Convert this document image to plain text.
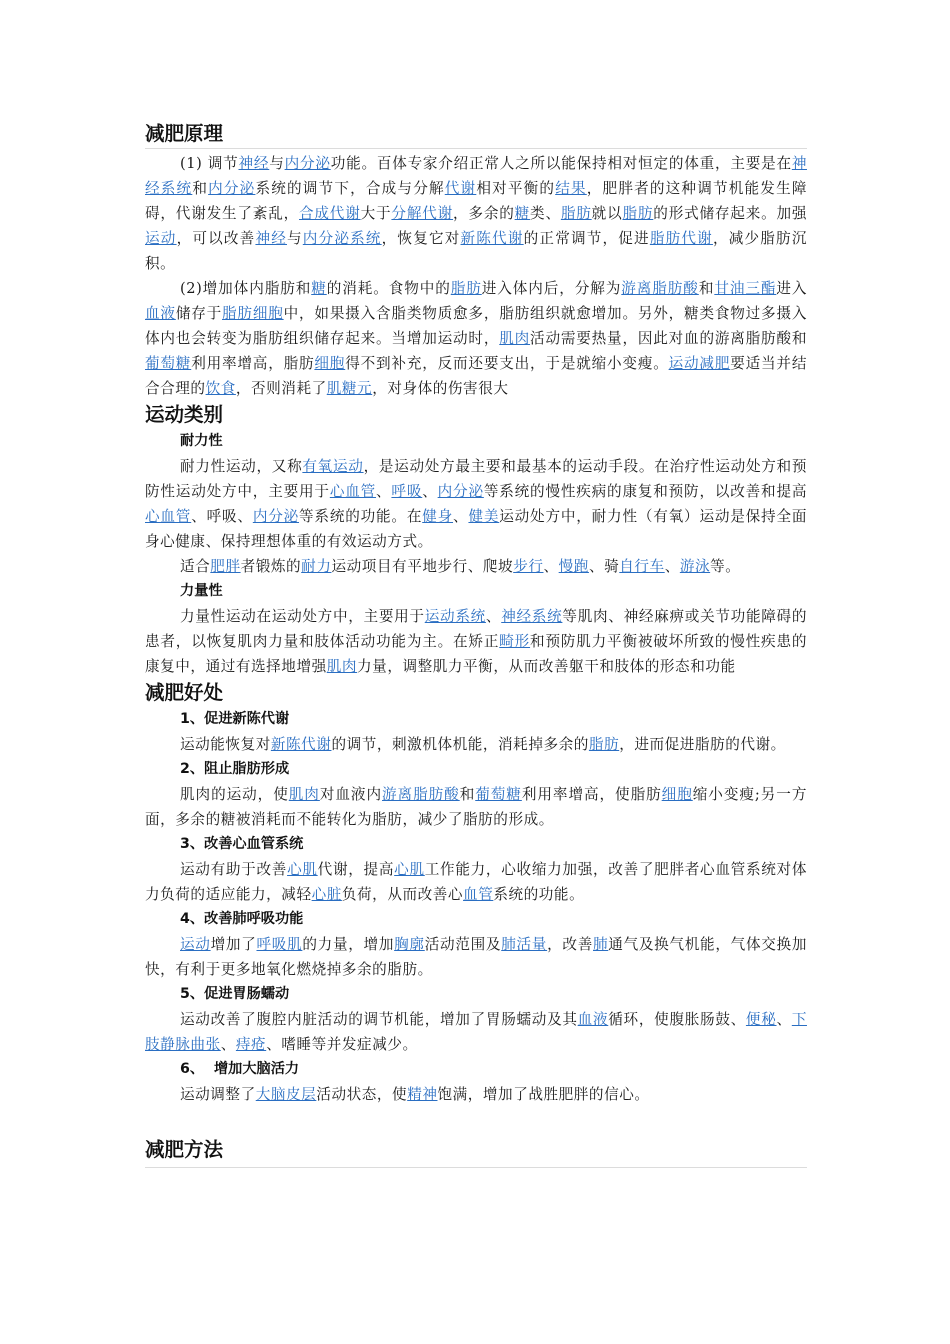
减肥原理

(1) 调节神经与内分泌功能。百体专家介绍正常人之所以能保持相对恒定的体重，主要是在神经系统和内分泌系统的调节下，合成与分解代谢相对平衡的结果，肥胖者的这种调节机能发生障碍，代谢发生了紊乱，合成代谢大于分解代谢，多余的糖类、脂肪就以脂肪的形式储存起来。加强运动，可以改善神经与内分泌系统，恢复它对新陈代谢的正常调节，促进脂肪代谢，减少脂肪沉积。

(2)增加体内脂肪和糖的消耗。食物中的脂肪进入体内后，分解为游离脂肪酸和甘油三酯进入血液储存于脂肪细胞中，如果摄入含脂类物质愈多，脂肪组织就愈增加。另外，糖类食物过多摄入体内也会转变为脂肪组织储存起来。当增加运动时，肌肉活动需要热量，因此对血的游离脂肪酸和葡萄糖利用率增高，脂肪细胞得不到补充，反而还要支出，于是就缩小变瘦。运动减肥要适当并结合合理的饮食，否则消耗了肌糖元，对身体的伤害很大

运动类别
耐力性

耐力性运动，又称有氧运动，是运动处方最主要和最基本的运动手段。在治疗性运动处方和预防性运动处方中，主要用于心血管、呼吸、内分泌等系统的慢性疾病的康复和预防，以改善和提高心血管、呼吸、内分泌等系统的功能。在健身、健美运动处方中，耐力性（有氧）运动是保持全面身心健康、保持理想体重的有效运动方式。

适合肥胖者锻炼的耐力运动项目有平地步行、爬坡步行、慢跑、骑自行车、游泳等。

力量性

力量性运动在运动处方中，主要用于运动系统、神经系统等肌肉、神经麻痹或关节功能障碍的患者，以恢复肌肉力量和肢体活动功能为主。在矫正畸形和预防肌力平衡被破坏所致的慢性疾患的康复中，通过有选择地增强肌肉力量，调整肌力平衡，从而改善躯干和肢体的形态和功能

减肥好处
1、促进新陈代谢

运动能恢复对新陈代谢的调节，刺激机体机能，消耗掉多余的脂肪，进而促进脂肪的代谢。

2、阻止脂肪形成

肌肉的运动，使肌肉对血液内游离脂肪酸和葡萄糖利用率增高，使脂肪细胞缩小变瘦;另一方面，多余的糖被消耗而不能转化为脂肪，减少了脂肪的形成。

3、改善心血管系统

运动有助于改善心肌代谢，提高心肌工作能力，心收缩力加强，改善了肥胖者心血管系统对体力负荷的适应能力，减轻心脏负荷，从而改善心血管系统的功能。

4、改善肺呼吸功能

运动增加了呼吸肌的力量，增加胸廓活动范围及肺活量，改善肺通气及换气机能，气体交换加快，有利于更多地氧化燃烧掉多余的脂肪。

5、促进胃肠蠕动

运动改善了腹腔内脏活动的调节机能，增加了胃肠蠕动及其血液循环，使腹胀肠鼓、便秘、下肢静脉曲张、痔疮、嗜睡等并发症减少。

6、  增加大脑活力

运动调整了大脑皮层活动状态，使精神饱满，增加了战胜肥胖的信心。

减肥方法
